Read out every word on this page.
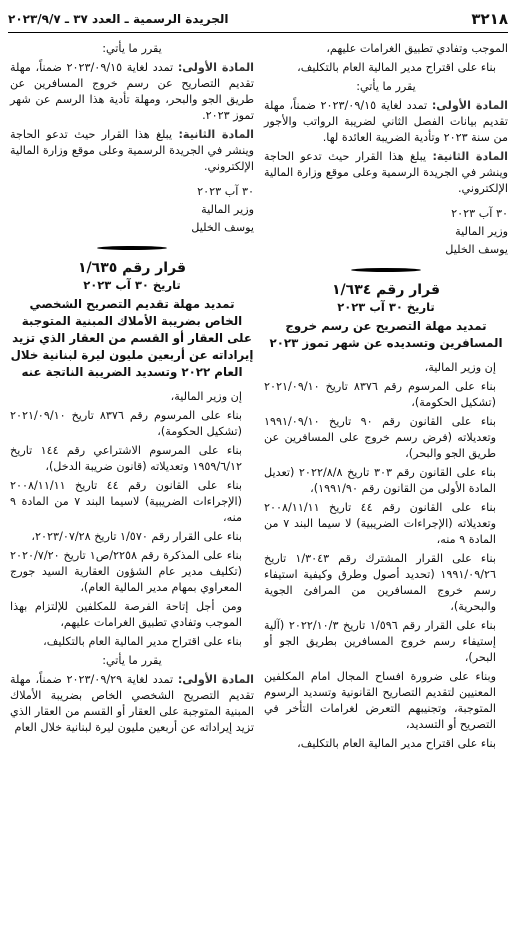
٣٢١٨
الجريدة الرسمية ـ العدد ٣٧ ـ ٢٠٢٣/٩/٧

الموجب وتفادي تطبيق الغرامات عليهم،

بناء على اقتراح مدير المالية العام بالتكليف،

يقرر ما يأتي:

المادة الأولى: تمدد لغاية ٢٠٢٣/٠٩/١٥ ضمناً، مهلة تقديم بيانات الفصل الثاني لضريبة الرواتب والأجور من سنة ٢٠٢٣ وتأدية الضريبة العائدة لها.

المادة الثانية: يبلغ هذا القرار حيث تدعو الحاجة وينشر في الجريدة الرسمية وعلى موقع وزارة المالية الإلكتروني.

٣٠ آب ٢٠٢٣

وزير المالية

يوسف الخليل

قرار رقم ١/٦٣٤
تاريخ ٣٠ آب ٢٠٢٣
تمديد مهلة التصريح عن رسم خروج المسافرين وتسديده عن شهر تموز ٢٠٢٣

إن وزير المالية،

بناء على المرسوم رقم ٨٣٧٦ تاريخ ٢٠٢١/٠٩/١٠ (تشكيل الحكومة)،

بناء على القانون رقم ٩٠ تاريخ ١٩٩١/٠٩/١٠ وتعديلاته (فرض رسم خروج على المسافرين عن طريق الجو والبحر)،

بناء على القانون رقم ٣٠٣ تاريخ ٢٠٢٢/٨/٨ (تعديل المادة الأولى من القانون رقم ١٩٩١/٩٠)،

بناء على القانون رقم ٤٤ تاريخ ٢٠٠٨/١١/١١ وتعديلاته (الإجراءات الضريبية) لا سيما البند ٧ من المادة ٩ منه،

بناء على القرار المشترك رقم ١/٣٠٤٣ تاريخ ١٩٩١/٠٩/٢٦ (تحديد أصول وطرق وكيفية استيفاء رسم خروج المسافرين من المرافئ الجوية والبحرية)،

بناء على القرار رقم ١/٥٩٦ تاريخ ٢٠٢٢/١٠/٣ (آلية إستيفاء رسم خروج المسافرين بطريق الجو أو البحر)،

وبناء على ضرورة افساح المجال امام المكلفين المعنيين لتقديم التصاريح القانونية وتسديد الرسوم المتوجبة، وتجنيبهم التعرض لغرامات التأخر في التصريح أو التسديد،

بناء على اقتراح مدير المالية العام بالتكليف،

يقرر ما يأتي:

المادة الأولى: تمدد لغاية ٢٠٢٣/٠٩/١٥ ضمناً، مهلة تقديم التصاريح عن رسم خروج المسافرين عن طريق الجو والبحر، ومهلة تأدية هذا الرسم عن شهر تموز ٢٠٢٣.

المادة الثانية: يبلغ هذا القرار حيث تدعو الحاجة وينشر في الجريدة الرسمية وعلى موقع وزارة المالية الإلكتروني.

٣٠ آب ٢٠٢٣

وزير المالية

يوسف الخليل

قرار رقم ١/٦٣٥
تاريخ ٣٠ آب ٢٠٢٣
تمديد مهلة تقديم التصريح الشخصي الخاص بضريبة الأملاك المبنية المتوجبة على العقار أو القسم من العقار الذي تزيد إيراداته عن أربعين مليون ليرة لبنانية خلال العام ٢٠٢٢ وتسديد الضريبة الناتجة عنه

إن وزير المالية،

بناء على المرسوم رقم ٨٣٧٦ تاريخ ٢٠٢١/٠٩/١٠ (تشكيل الحكومة)،

بناء على المرسوم الاشتراعي رقم ١٤٤ تاريخ ١٩٥٩/٦/١٢ وتعديلاته (قانون ضريبة الدخل)،

بناء على القانون رقم ٤٤ تاريخ ٢٠٠٨/١١/١١ (الإجراءات الضريبية) لاسيما البند ٧ من المادة ٩ منه،

بناء على القرار رقم ١/٥٧٠ تاريخ ٢٠٢٣/٠٧/٢٨،

بناء على المذكرة رقم ٢٢٥٨/ص١ تاريخ ٢٠٢٠/٧/٢٠ (تكليف مدير عام الشؤون العقارية السيد جورج المعراوي بمهام مدير المالية العام)،

ومن أجل إتاحة الفرصة للمكلفين للإلتزام بهذا الموجب وتفادي تطبيق الغرامات عليهم،

بناء على اقتراح مدير المالية العام بالتكليف،

يقرر ما يأتي:

المادة الأولى: تمدد لغاية ٢٠٢٣/٠٩/٢٩ ضمناً، مهلة تقديم التصريح الشخصي الخاص بضريبة الأملاك المبنية المتوجبة على العقار أو القسم من العقار الذي تزيد إيراداته عن أربعين مليون ليرة لبنانية خلال العام
